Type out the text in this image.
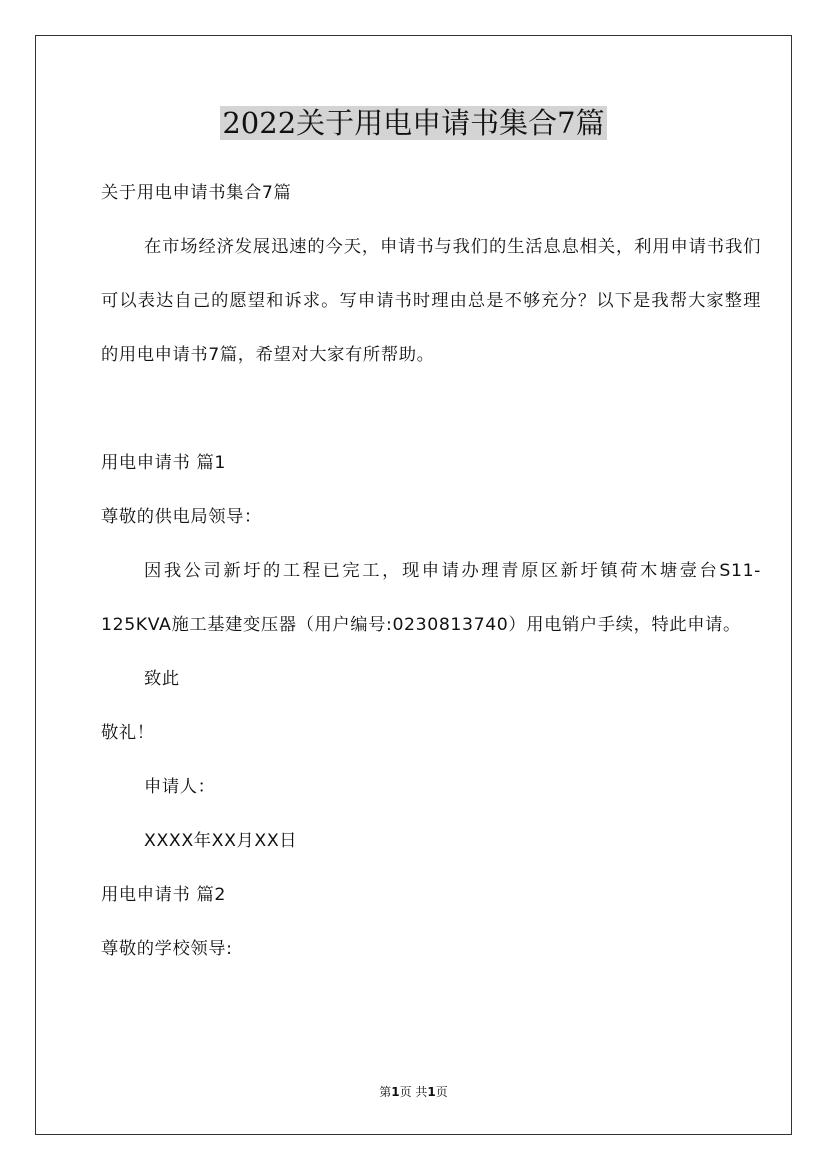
2022关于用电申请书集合7篇

关于用电申请书集合7篇

在市场经济发展迅速的今天，申请书与我们的生活息息相关，利用申请书我们可以表达自己的愿望和诉求。写申请书时理由总是不够充分？以下是我帮大家整理的用电申请书7篇，希望对大家有所帮助。

用电申请书 篇1

尊敬的供电局领导：

因我公司新圩的工程已完工，现申请办理青原区新圩镇荷木塘壹台S11-125KVA施工基建变压器（用户编号:0230813740）用电销户手续，特此申请。

致此

敬礼！

申请人：

XXXX年XX月XX日

用电申请书 篇2

尊敬的学校领导:

第1页 共1页
